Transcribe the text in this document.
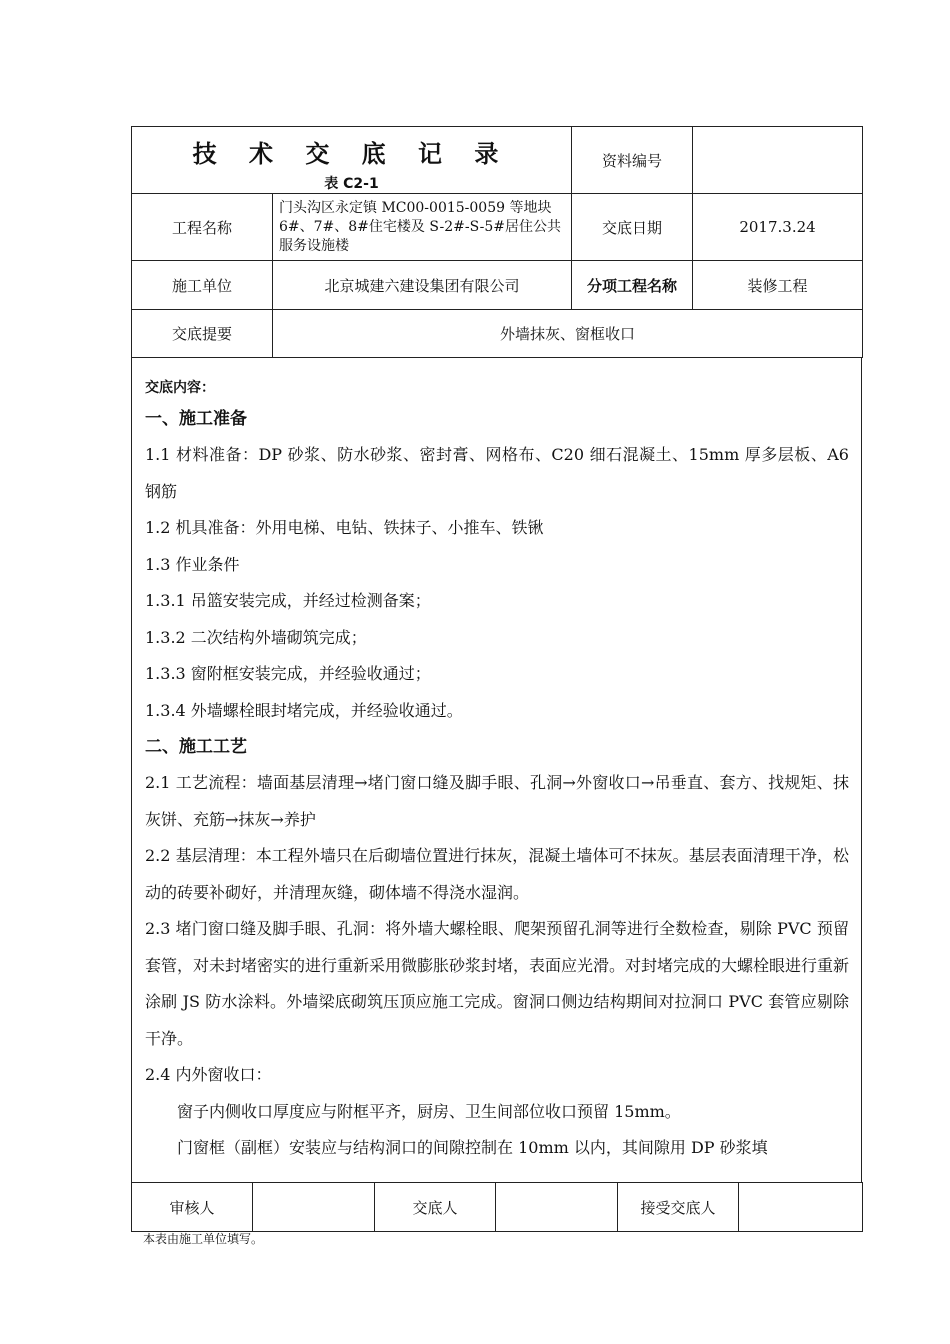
技 术 交 底 记 录
表 C2-1		资料编号	
工程名称	门头沟区永定镇 MC00-0015-0059 等地块 6#、7#、8#住宅楼及 S-2#-S-5#居住公共服务设施楼	交底日期	2017.3.24
施工单位	北京城建六建设集团有限公司	分项工程名称	装修工程
交底提要	外墙抹灰、窗框收口		
交底内容：
一、施工准备
1.1 材料准备：DP 砂浆、防水砂浆、密封膏、网格布、C20 细石混凝土、15mm 厚多层板、A6 钢筋
1.2 机具准备：外用电梯、电钻、铁抹子、小推车、铁锹
1.3 作业条件
1.3.1 吊篮安装完成，并经过检测备案；
1.3.2 二次结构外墙砌筑完成；
1.3.3 窗附框安装完成，并经验收通过；
1.3.4 外墙螺栓眼封堵完成，并经验收通过。
二、施工工艺
2.1 工艺流程：墙面基层清理→堵门窗口缝及脚手眼、孔洞→外窗收口→吊垂直、套方、找规矩、抹灰饼、充筋→抹灰→养护
2.2 基层清理：本工程外墙只在后砌墙位置进行抹灰，混凝土墙体可不抹灰。基层表面清理干净，松动的砖要补砌好，并清理灰缝，砌体墙不得浇水湿润。
2.3 堵门窗口缝及脚手眼、孔洞：将外墙大螺栓眼、爬架预留孔洞等进行全数检查，剔除 PVC 预留套管，对未封堵密实的进行重新采用微膨胀砂浆封堵，表面应光滑。对封堵完成的大螺栓眼进行重新涂刷 JS 防水涂料。外墙梁底砌筑压顶应施工完成。窗洞口侧边结构期间对拉洞口 PVC 套管应剔除干净。
2.4 内外窗收口：
窗子内侧收口厚度应与附框平齐，厨房、卫生间部位收口预留 15mm。
门窗框（副框）安装应与结构洞口的间隙控制在 10mm 以内，其间隙用 DP 砂浆填
审核人		交底人		接受交底人	
本表由施工单位填写。
